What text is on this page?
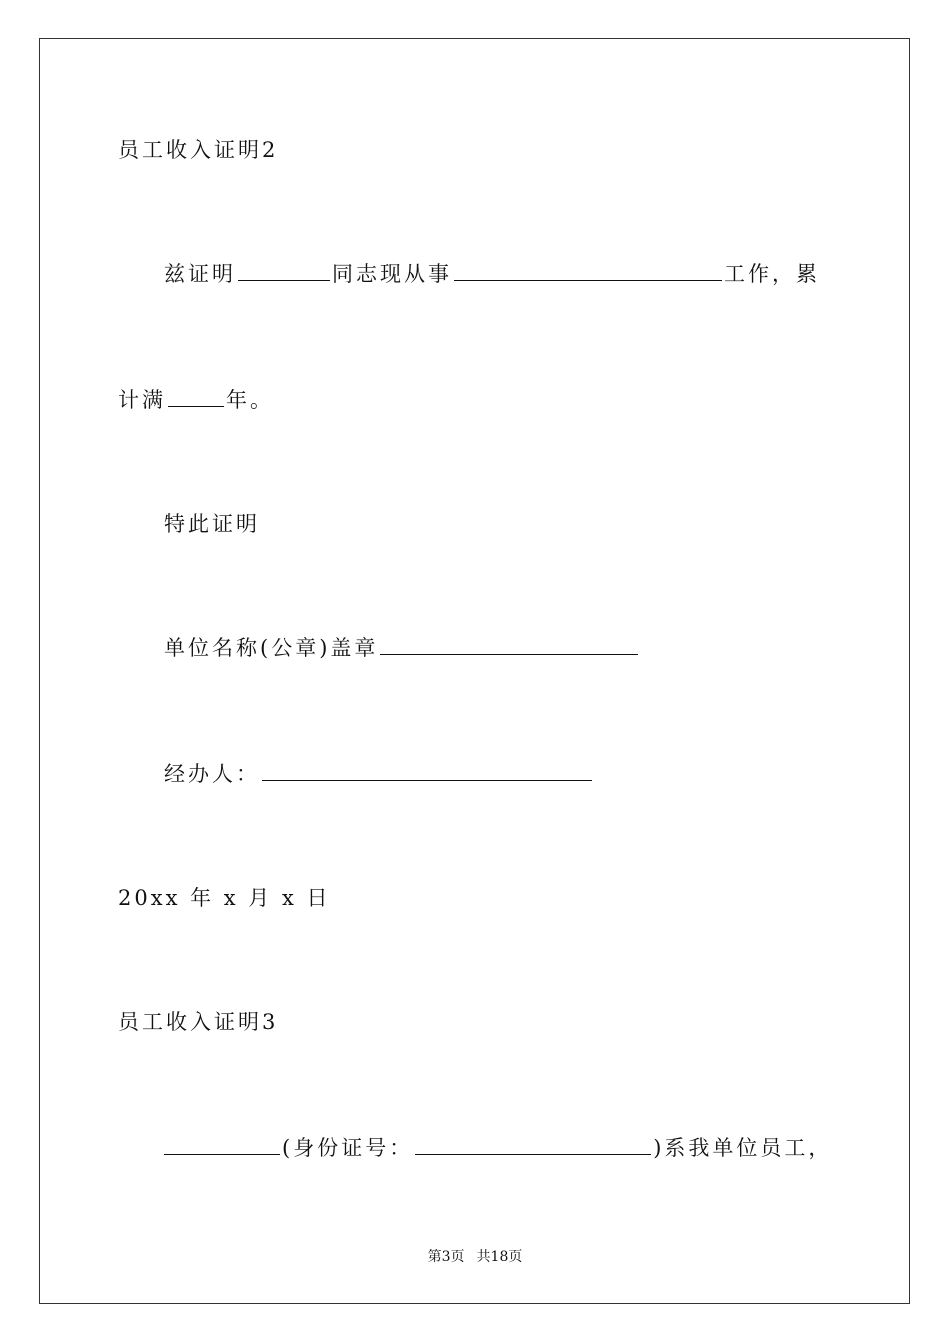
员工收入证明2
兹证明	同志现从事	工作，累
计满	年。
特此证明
单位名称(公章)盖章
经办人：
20xx 年 x 月 x 日
员工收入证明3
(身份证号：	)系我单位员工，
第3页 共18页
